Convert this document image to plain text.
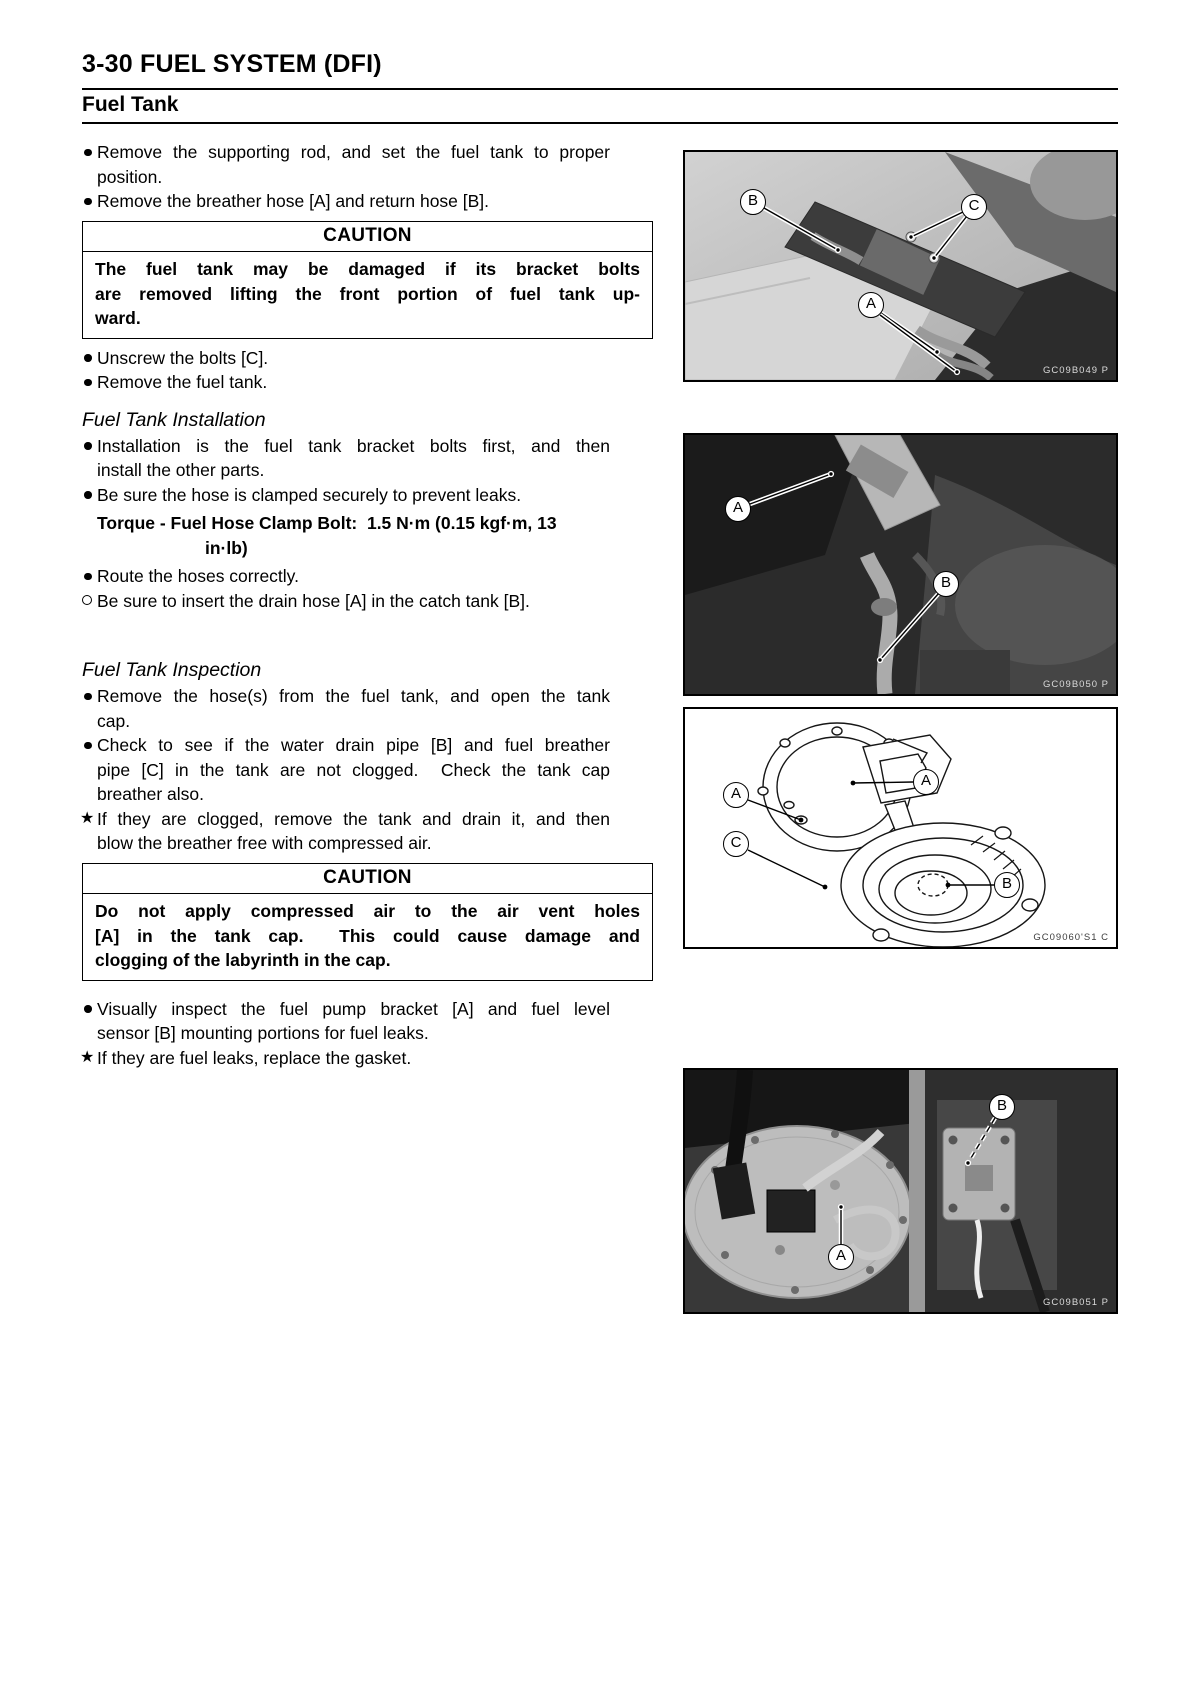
3-30 FUEL SYSTEM (DFI)
Fuel Tank
Remove the supporting rod, and set the fuel tank to proper
position.
Remove the breather hose [A] and return hose [B].
CAUTION
The fuel tank may be damaged if its bracket bolts
are removed lifting the front portion of fuel tank up-
ward.
Unscrew the bolts [C].
Remove the fuel tank.
Fuel Tank Installation
Installation is the fuel tank bracket bolts first, and then
install the other parts.
Be sure the hose is clamped securely to prevent leaks.
Torque - Fuel Hose Clamp Bolt:  1.5 N·m (0.15 kgf·m, 13
in·lb)
Route the hoses correctly.
Be sure to insert the drain hose [A] in the catch tank [B].
Fuel Tank Inspection
Remove the hose(s) from the fuel tank, and open the tank
cap.
Check to see if the water drain pipe [B] and fuel breather
pipe [C] in the tank are not clogged.  Check the tank cap
breather also.
★ If they are clogged, remove the tank and drain it, and then
blow the breather free with compressed air.
CAUTION
Do not apply compressed air to the air vent holes
[A] in the tank cap.  This could cause damage and
clogging of the labyrinth in the cap.
Visually inspect the fuel pump bracket [A] and fuel level
sensor [B] mounting portions for fuel leaks.
★ If they are fuel leaks, replace the gasket.
GC09B049 P
B	C
A
GC09B050 P
A
B
GC09060'S1 C
A
A
C
B
GC09B051 P
B
A
